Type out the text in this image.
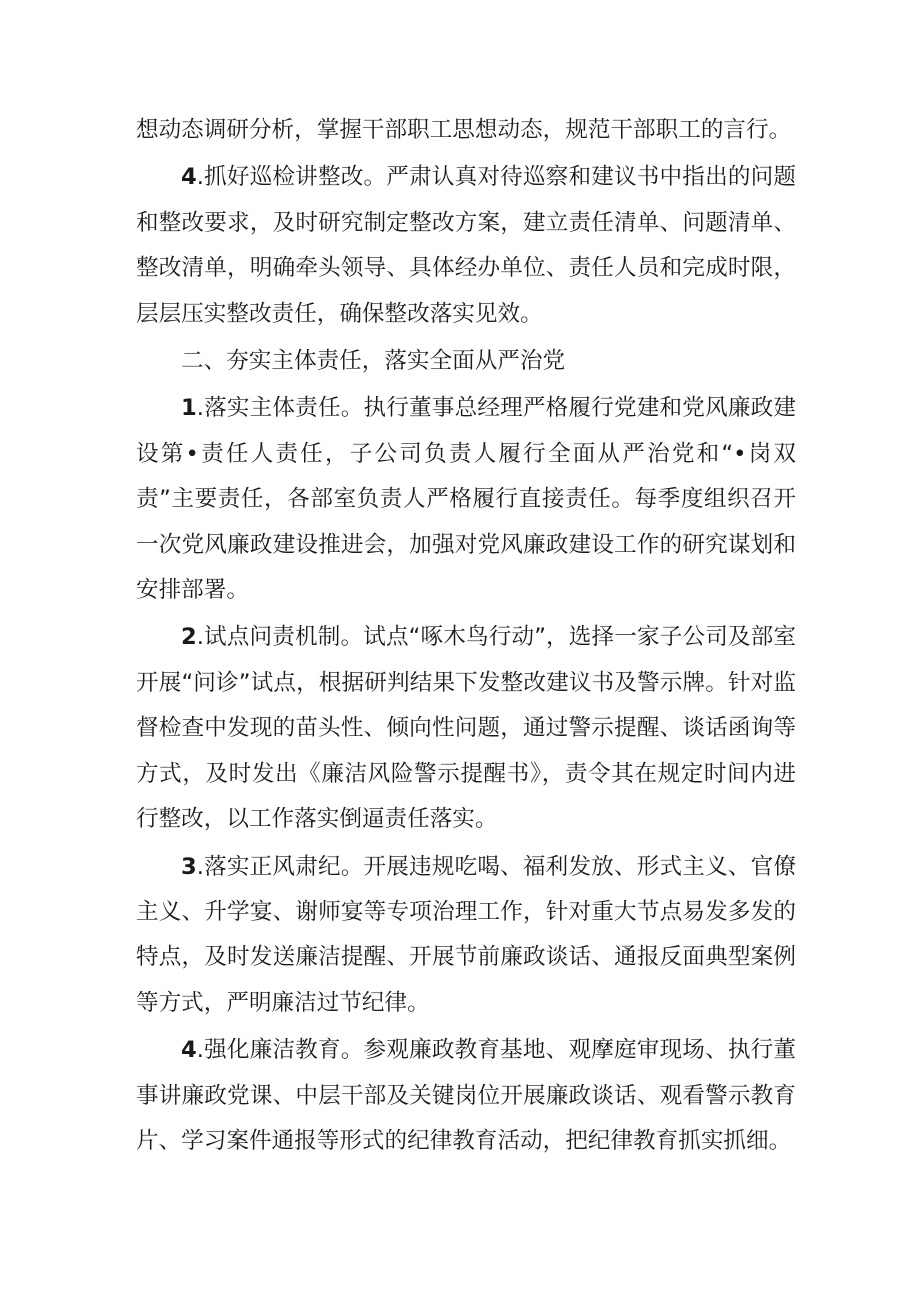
想动态调研分析，掌握干部职工思想动态，规范干部职工的言行。

4.抓好巡检讲整改。严肃认真对待巡察和建议书中指出的问题和整改要求，及时研究制定整改方案，建立责任清单、问题清单、整改清单，明确牵头领导、具体经办单位、责任人员和完成时限，层层压实整改责任，确保整改落实见效。

二、夯实主体责任，落实全面从严治党

1.落实主体责任。执行董事总经理严格履行党建和党风廉政建设第•责任人责任，子公司负责人履行全面从严治党和“•岗双责”主要责任，各部室负责人严格履行直接责任。每季度组织召开一次党风廉政建设推进会，加强对党风廉政建设工作的研究谋划和安排部署。

2.试点问责机制。试点“啄木鸟行动”，选择一家子公司及部室开展“问诊”试点，根据研判结果下发整改建议书及警示牌。针对监督检查中发现的苗头性、倾向性问题，通过警示提醒、谈话函询等方式，及时发出《廉洁风险警示提醒书》，责令其在规定时间内进行整改，以工作落实倒逼责任落实。

3.落实正风肃纪。开展违规吃喝、福利发放、形式主义、官僚主义、升学宴、谢师宴等专项治理工作，针对重大节点易发多发的特点，及时发送廉洁提醒、开展节前廉政谈话、通报反面典型案例等方式，严明廉洁过节纪律。

4.强化廉洁教育。参观廉政教育基地、观摩庭审现场、执行董事讲廉政党课、中层干部及关键岗位开展廉政谈话、观看警示教育片、学习案件通报等形式的纪律教育活动，把纪律教育抓实抓细。
